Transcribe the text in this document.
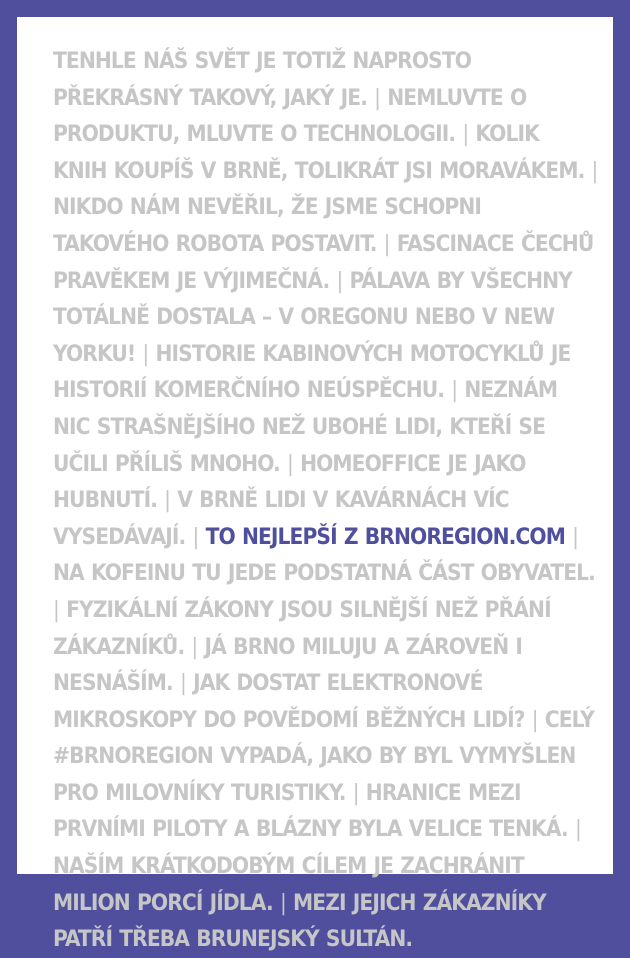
TENHLE NÁŠ SVĚT JE TOTIŽ NAPROSTO PŘEKRÁSNÝ TAKOVÝ, JAKÝ JE. | NEMLUVTE O PRODUKTU, MLUVTE O TECHNOLOGII. | KOLIK KNIH KOUPÍŠ V BRNĚ, TOLIKRÁT JSI MORAVÁKEM. | NIKDO NÁM NEVĚŘIL, ŽE JSME SCHOPNI TAKOVÉHO ROBOTA POSTAVIT. | FASCINACE ČECHŮ PRAVĚKEM JE VÝJIMEČNÁ. | PÁLAVA BY VŠECHNY TOTÁLNĚ DOSTALA – V OREGONU NEBO V NEW YORKU! | HISTORIE KABINOVÝCH MOTOCYKLŮ JE HISTORIÍ KOMERČNÍHO NEÚSPĚCHU. | NEZNÁM NIC STRAŠNĚJŠÍHO NEŽ UBOHÉ LIDI, KTEŘÍ SE UČILI PŘÍLIŠ MNOHO. | HOMEOFFICE JE JAKO HUBNUTÍ. | V BRNĚ LIDI V KAVÁRNÁCH VÍC VYSEDÁVAJÍ. | TO NEJLEPŠÍ Z BRNOREGION.COM | NA KOFEINU TU JEDE PODSTATNÁ ČÁST OBYVATEL. | FYZIKÁLNÍ ZÁKONY JSOU SILNĚJŠÍ NEŽ PŘÁNÍ ZÁKAZNÍKŮ. | JÁ BRNO MILUJU A ZÁROVEŇ I NESNÁŠÍM. | JAK DOSTAT ELEKTRONOVÉ MIKROSKOPY DO POVĚDOMÍ BĚŽNÝCH LIDÍ? | CELÝ #BRNOREGION VYPADÁ, JAKO BY BYL VYMYŠLEN PRO MILOVNÍKY TURISTIKY. | HRANICE MEZI PRVNÍMI PILOTY A BLÁZNY BYLA VELICE TENKÁ. | NAŠÍM KRÁTKODOBÝM CÍLEM JE ZACHRÁNIT MILION PORCÍ JÍDLA. | MEZI JEJICH ZÁKAZNÍKY PATŘÍ TŘEBA BRUNEJSKÝ SULTÁN.
